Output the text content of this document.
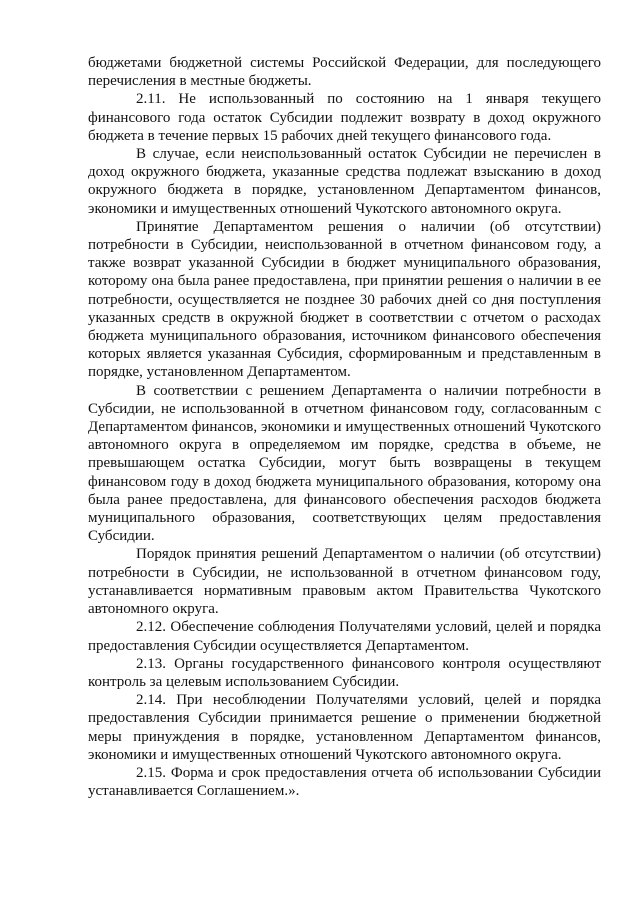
бюджетами бюджетной системы Российской Федерации, для последующего перечисления в местные бюджеты.

2.11. Не использованный по состоянию на 1 января текущего финансового года остаток Субсидии подлежит возврату в доход окружного бюджета в течение первых 15 рабочих дней текущего финансового года.

В случае, если неиспользованный остаток Субсидии не перечислен в доход окружного бюджета, указанные средства подлежат взысканию в доход окружного бюджета в порядке, установленном Департаментом финансов, экономики и имущественных отношений Чукотского автономного округа.

Принятие Департаментом решения о наличии (об отсутствии) потребности в Субсидии, неиспользованной в отчетном финансовом году, а также возврат указанной Субсидии в бюджет муниципального образования, которому она была ранее предоставлена, при принятии решения о наличии в ее потребности, осуществляется не позднее 30 рабочих дней со дня поступления указанных средств в окружной бюджет в соответствии с отчетом о расходах бюджета муниципального образования, источником финансового обеспечения которых является указанная Субсидия, сформированным и представленным в порядке, установленном Департаментом.

В соответствии с решением Департамента о наличии потребности в Субсидии, не использованной в отчетном финансовом году, согласованным с Департаментом финансов, экономики и имущественных отношений Чукотского автономного округа в определяемом им порядке, средства в объеме, не превышающем остатка Субсидии, могут быть возвращены в текущем финансовом году в доход бюджета муниципального образования, которому она была ранее предоставлена, для финансового обеспечения расходов бюджета муниципального образования, соответствующих целям предоставления Субсидии.

Порядок принятия решений Департаментом о наличии (об отсутствии) потребности в Субсидии, не использованной в отчетном финансовом году, устанавливается нормативным правовым актом Правительства Чукотского автономного округа.

2.12. Обеспечение соблюдения Получателями условий, целей и порядка предоставления Субсидии осуществляется Департаментом.

2.13. Органы государственного финансового контроля осуществляют контроль за целевым использованием Субсидии.

2.14. При несоблюдении Получателями условий, целей и порядка предоставления Субсидии принимается решение о применении бюджетной меры принуждения в порядке, установленном Департаментом финансов, экономики и имущественных отношений Чукотского автономного округа.

2.15. Форма и срок предоставления отчета об использовании Субсидии устанавливается Соглашением.».
